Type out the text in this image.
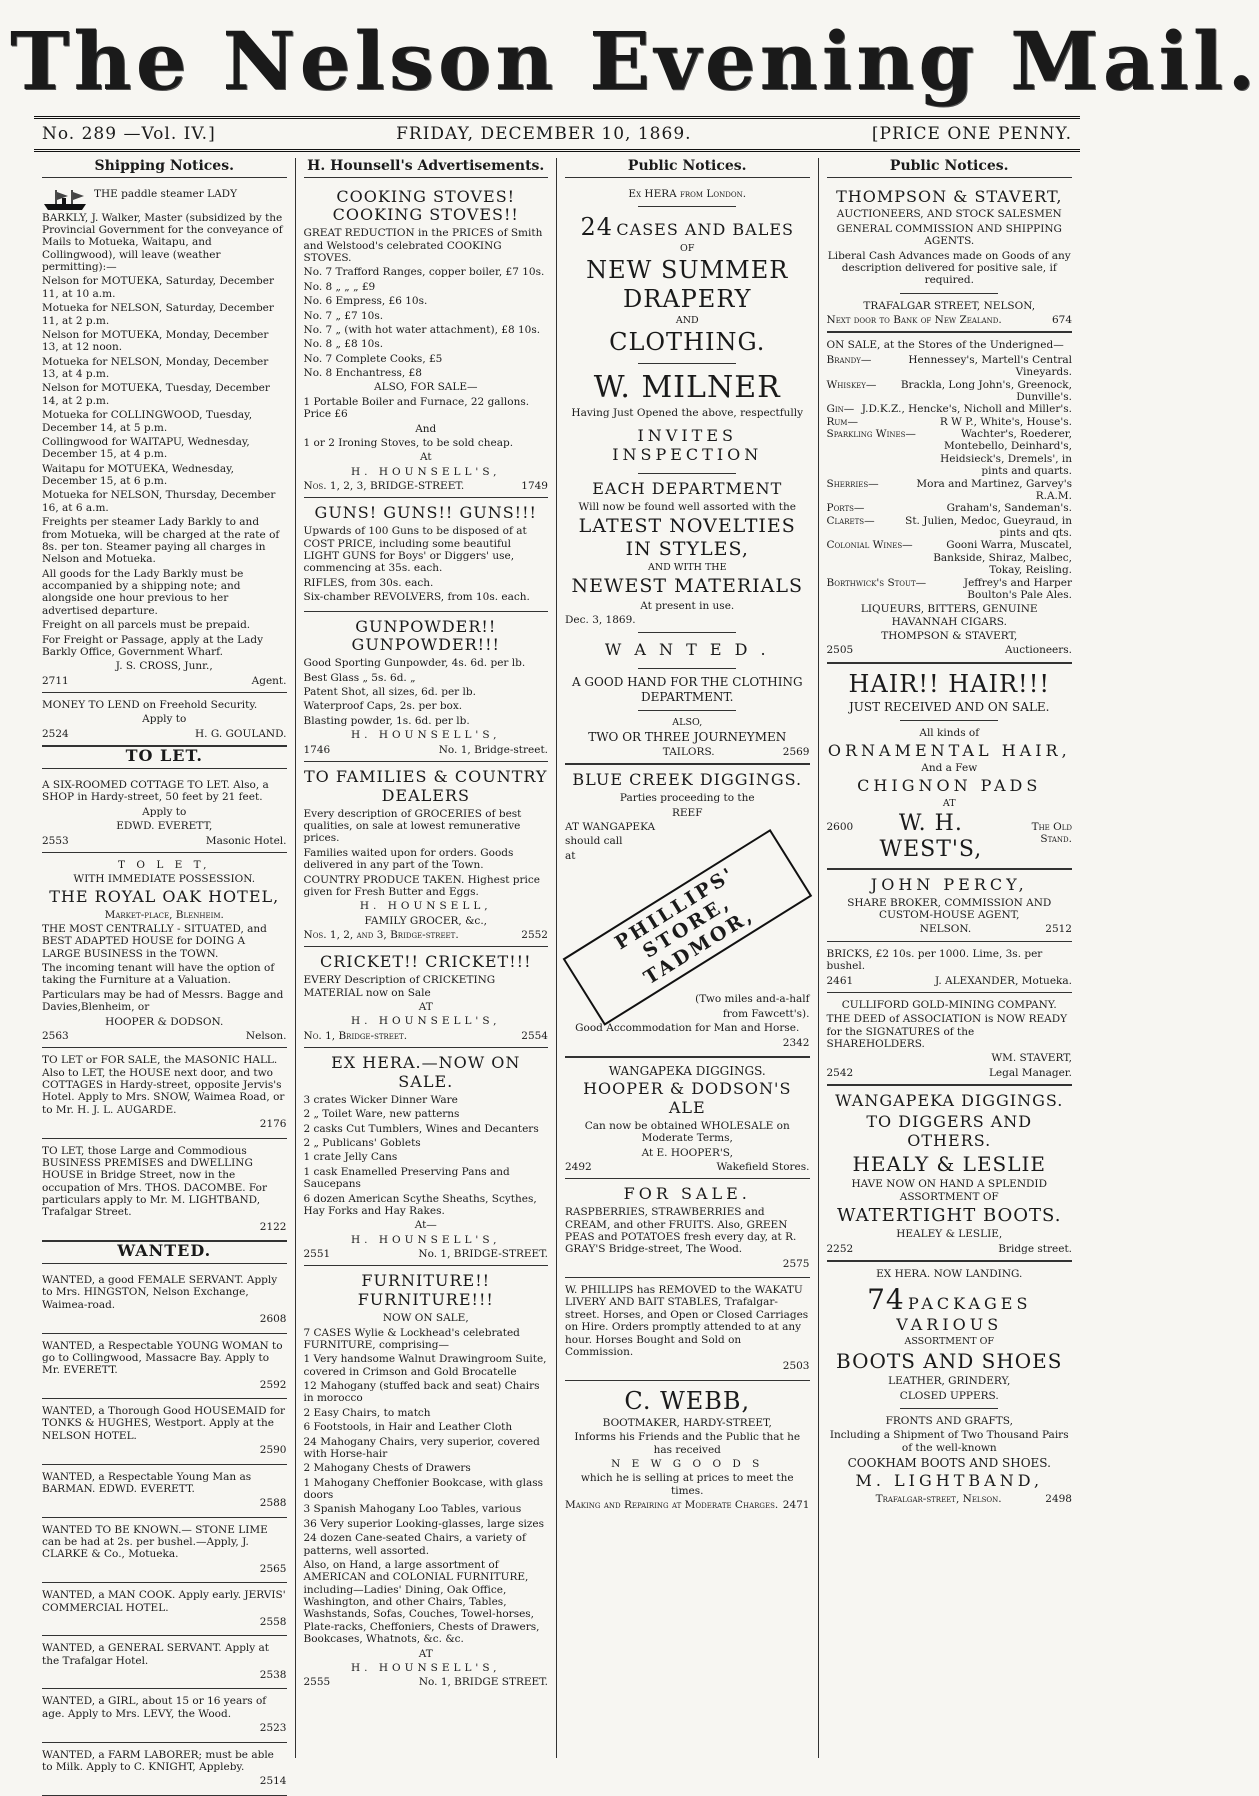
The Nelson Evening Mail.
No. 289 —Vol. IV.]	FRIDAY, DECEMBER 10, 1869.	[PRICE ONE PENNY.
Shipping Notices.

THE paddle steamer LADY BARKLY, J. Walker, Master (subsidized by the Provincial Government for the conveyance of Mails to Motueka, Waitapu, and Collingwood), will leave (weather permitting):—

Nelson for MOTUEKA, Saturday, December 11, at 10 a.m.

Motueka for NELSON, Saturday, December 11, at 2 p.m.

Nelson for MOTUEKA, Monday, December 13, at 12 noon.

Motueka for NELSON, Monday, December 13, at 4 p.m.

Nelson for MOTUEKA, Tuesday, December 14, at 2 p.m.

Motueka for COLLINGWOOD, Tuesday, December 14, at 5 p.m.

Collingwood for WAITAPU, Wednesday, December 15, at 4 p.m.

Waitapu for MOTUEKA, Wednesday, December 15, at 6 p.m.

Motueka for NELSON, Thursday, December 16, at 6 a.m.

Freights per steamer Lady Barkly to and from Motueka, will be charged at the rate of 8s. per ton. Steamer paying all charges in Nelson and Motueka.

All goods for the Lady Barkly must be accompanied by a shipping note; and alongside one hour previous to her advertised departure.

Freight on all parcels must be prepaid.

For Freight or Passage, apply at the Lady Barkly Office, Government Wharf.

J. S. CROSS, Junr.,

2711	Agent.

MONEY TO LEND on Freehold Security.

Apply to

2524	H. G. GOULAND.
TO LET.

A SIX-ROOMED COTTAGE TO LET. Also, a SHOP in Hardy-street, 50 feet by 21 feet.

Apply to

EDWD. EVERETT,

2553	Masonic Hotel.

T O L E T,

WITH IMMEDIATE POSSESSION.

THE ROYAL OAK HOTEL,

Market-place, Blenheim.

THE MOST CENTRALLY - SITUATED, and BEST ADAPTED HOUSE for DOING A LARGE BUSINESS in the TOWN.

The incoming tenant will have the option of taking the Furniture at a Valuation.

Particulars may be had of Messrs. Bagge and Davies,Blenheim, or

HOOPER & DODSON.

2563	Nelson.

TO LET or FOR SALE, the MASONIC HALL. Also to LET, the HOUSE next door, and two COTTAGES in Hardy-street, opposite Jervis's Hotel. Apply to Mrs. SNOW, Waimea Road, or to Mr. H. J. L. AUGARDE.

2176

TO LET, those Large and Commodious BUSINESS PREMISES and DWELLING HOUSE in Bridge Street, now in the occupation of Mrs. THOS. DACOMBE. For particulars apply to Mr. M. LIGHTBAND, Trafalgar Street.

2122

WANTED.

WANTED, a good FEMALE SERVANT. Apply to Mrs. HINGSTON, Nelson Exchange, Waimea-road.

2608

WANTED, a Respectable YOUNG WOMAN to go to Collingwood, Massacre Bay. Apply to Mr. EVERETT.

2592

WANTED, a Thorough Good HOUSEMAID for TONKS & HUGHES, Westport. Apply at the NELSON HOTEL.

2590

WANTED, a Respectable Young Man as BARMAN. EDWD. EVERETT.

2588

WANTED TO BE KNOWN.— STONE LIME can be had at 2s. per bushel.—Apply, J. CLARKE & Co., Motueka.

2565

WANTED, a MAN COOK. Apply early. JERVIS' COMMERCIAL HOTEL.

2558

WANTED, a GENERAL SERVANT. Apply at the Trafalgar Hotel.

2538

WANTED, a GIRL, about 15 or 16 years of age. Apply to Mrs. LEVY, the Wood.

2523

WANTED, a FARM LABORER; must be able to Milk. Apply to C. KNIGHT, Appleby.

2514

H. Hounsell's Advertisements.

COOKING STOVES! COOKING STOVES!!

GREAT REDUCTION in the PRICES of Smith and Welstood's celebrated COOKING STOVES.

No. 7 Trafford Ranges, copper boiler, £7 10s.

No. 8 „ „ „ £9

No. 6 Empress, £6 10s.

No. 7 „ £7 10s.

No. 7 „ (with hot water attachment), £8 10s.

No. 8 „ £8 10s.

No. 7 Complete Cooks, £5

No. 8 Enchantress, £8

ALSO, FOR SALE—

1 Portable Boiler and Furnace, 22 gallons. Price £6

And

1 or 2 Ironing Stoves, to be sold cheap.

At

H. HOUNSELL'S,

Nos. 1, 2, 3, BRIDGE-STREET.	1749

GUNS! GUNS!! GUNS!!!

Upwards of 100 Guns to be disposed of at COST PRICE, including some beautiful LIGHT GUNS for Boys' or Diggers' use, commencing at 35s. each.

RIFLES, from 30s. each.

Six-chamber REVOLVERS, from 10s. each.

GUNPOWDER!! GUNPOWDER!!!

Good Sporting Gunpowder, 4s. 6d. per lb.

Best Glass „ 5s. 6d. „

Patent Shot, all sizes, 6d. per lb.

Waterproof Caps, 2s. per box.

Blasting powder, 1s. 6d. per lb.

H. HOUNSELL'S,

1746	No. 1, Bridge-street.

TO FAMILIES & COUNTRY DEALERS

Every description of GROCERIES of best qualities, on sale at lowest remunerative prices.

Families waited upon for orders. Goods delivered in any part of the Town.

COUNTRY PRODUCE TAKEN. Highest price given for Fresh Butter and Eggs.

H. HOUNSELL,

FAMILY GROCER, &c.,

Nos. 1, 2, and 3, Bridge-street.	2552

CRICKET!! CRICKET!!!

EVERY Description of CRICKETING MATERIAL now on Sale

AT

H. HOUNSELL'S,

No. 1, Bridge-street.	2554

EX HERA.—NOW ON SALE.

3 crates Wicker Dinner Ware

2 „ Toilet Ware, new patterns

2 casks Cut Tumblers, Wines and Decanters

2 „ Publicans' Goblets

1 crate Jelly Cans

1 cask Enamelled Preserving Pans and Saucepans

6 dozen American Scythe Sheaths, Scythes, Hay Forks and Hay Rakes.

At—

H. HOUNSELL'S,

2551	No. 1, BRIDGE-STREET.

FURNITURE!! FURNITURE!!!

NOW ON SALE,

7 CASES Wylie & Lockhead's celebrated FURNITURE, comprising—

1 Very handsome Walnut Drawingroom Suite, covered in Crimson and Gold Brocatelle

12 Mahogany (stuffed back and seat) Chairs in morocco

2 Easy Chairs, to match

6 Footstools, in Hair and Leather Cloth

24 Mahogany Chairs, very superior, covered with Horse-hair

2 Mahogany Chests of Drawers

1 Mahogany Cheffonier Bookcase, with glass doors

3 Spanish Mahogany Loo Tables, various

36 Very superior Looking-glasses, large sizes

24 dozen Cane-seated Chairs, a variety of patterns, well assorted.

Also, on Hand, a large assortment of AMERICAN and COLONIAL FURNITURE, including—Ladies' Dining, Oak Office, Washington, and other Chairs, Tables, Washstands, Sofas, Couches, Towel-horses, Plate-racks, Cheffoniers, Chests of Drawers, Bookcases, Whatnots, &c. &c.

AT

H. HOUNSELL'S,

2555	No. 1, BRIDGE STREET.
Public Notices.

Ex HERA from London.

24 CASES AND BALES

OF

NEW SUMMER DRAPERY

AND

CLOTHING.

W. MILNER

Having Just Opened the above, respectfully

INVITES INSPECTION

EACH DEPARTMENT

Will now be found well assorted with the

LATEST NOVELTIES IN STYLES,

AND WITH THE

NEWEST MATERIALS

At present in use.

Dec. 3, 1869.

W A N T E D .

A GOOD HAND FOR THE CLOTHING DEPARTMENT.

ALSO,

TWO OR THREE JOURNEYMEN

TAILORS.	2569

BLUE CREEK DIGGINGS.

Parties proceeding to the

REEF

AT WANGAPEKA

should call

at

PHILLIPS' STORE, TADMOR,

(Two miles and-a-half

from Fawcett's).

Good Accommodation for Man and Horse.

2342

WANGAPEKA DIGGINGS.

HOOPER & DODSON'S ALE

Can now be obtained WHOLESALE on Moderate Terms,

At E. HOOPER'S,

2492	Wakefield Stores.

FOR SALE.

RASPBERRIES, STRAWBERRIES and CREAM, and other FRUITS. Also, GREEN PEAS and POTATOES fresh every day, at R. GRAY'S Bridge-street, The Wood.

2575

W. PHILLIPS has REMOVED to the WAKATU LIVERY AND BAIT STABLES, Trafalgar-street. Horses, and Open or Closed Carriages on Hire. Orders promptly attended to at any hour. Horses Bought and Sold on Commission.

2503

C. WEBB,

BOOTMAKER, HARDY-STREET,

Informs his Friends and the Public that he has received

N E W G O O D S

which he is selling at prices to meet the times.

Making and Repairing at Moderate Charges. 2471
Public Notices.

THOMPSON & STAVERT,

AUCTIONEERS, AND STOCK SALESMEN

GENERAL COMMISSION AND SHIPPING AGENTS.

Liberal Cash Advances made on Goods of any description delivered for positive sale, if required.

TRAFALGAR STREET, NELSON,

Next door to Bank of New Zealand.	674

ON SALE, at the Stores of the Underigned—

Brandy—	Hennessey's, Martell's Central Vineyards.
Whiskey—	Brackla, Long John's, Greenock, Dunville's.
Gin— J.D.K.Z., Hencke's, Nicholl and Miller's.
Rum—	R W P., White's, House's.
Sparkling Wines—	Wachter's, Roederer, Montebello, Deinhard's, Heidsieck's, Dremels', in pints and quarts.
Sherries—	Mora and Martinez, Garvey's R.A.M.
Ports—	Graham's, Sandeman's.
Clarets—	St. Julien, Medoc, Gueyraud, in pints and qts.
Colonial Wines—	Gooni Warra, Muscatel, Bankside, Shiraz, Malbec, Tokay, Reisling.
Borthwick's Stout—	Jeffrey's and Harper Boulton's Pale Ales.

LIQUEURS, BITTERS, GENUINE HAVANNAH CIGARS.

THOMPSON & STAVERT,

2505	Auctioneers.

HAIR!! HAIR!!!

JUST RECEIVED AND ON SALE.

All kinds of

ORNAMENTAL HAIR,

And a Few

CHIGNON PADS

AT

2600	W. H. WEST'S,
The Old Stand.

JOHN PERCY,

SHARE BROKER, COMMISSION AND CUSTOM-HOUSE AGENT,

NELSON.	2512

BRICKS, £2 10s. per 1000. Lime, 3s. per bushel.

2461	J. ALEXANDER, Motueka.

CULLIFORD GOLD-MINING COMPANY.

THE DEED of ASSOCIATION is NOW READY for the SIGNATURES of the SHAREHOLDERS.

WM. STAVERT,

2542	Legal Manager.

WANGAPEKA DIGGINGS.

TO DIGGERS AND OTHERS.

HEALY & LESLIE

HAVE NOW ON HAND A SPLENDID ASSORTMENT OF

WATERTIGHT BOOTS.

HEALEY & LESLIE,

2252	Bridge street.

EX HERA. NOW LANDING.

74 PACKAGES VARIOUS

ASSORTMENT OF

BOOTS AND SHOES

LEATHER, GRINDERY,

CLOSED UPPERS.

FRONTS AND GRAFTS,

Including a Shipment of Two Thousand Pairs of the well-known

COOKHAM BOOTS AND SHOES.

M. LIGHTBAND,

Trafalgar-street, Nelson.	2498
